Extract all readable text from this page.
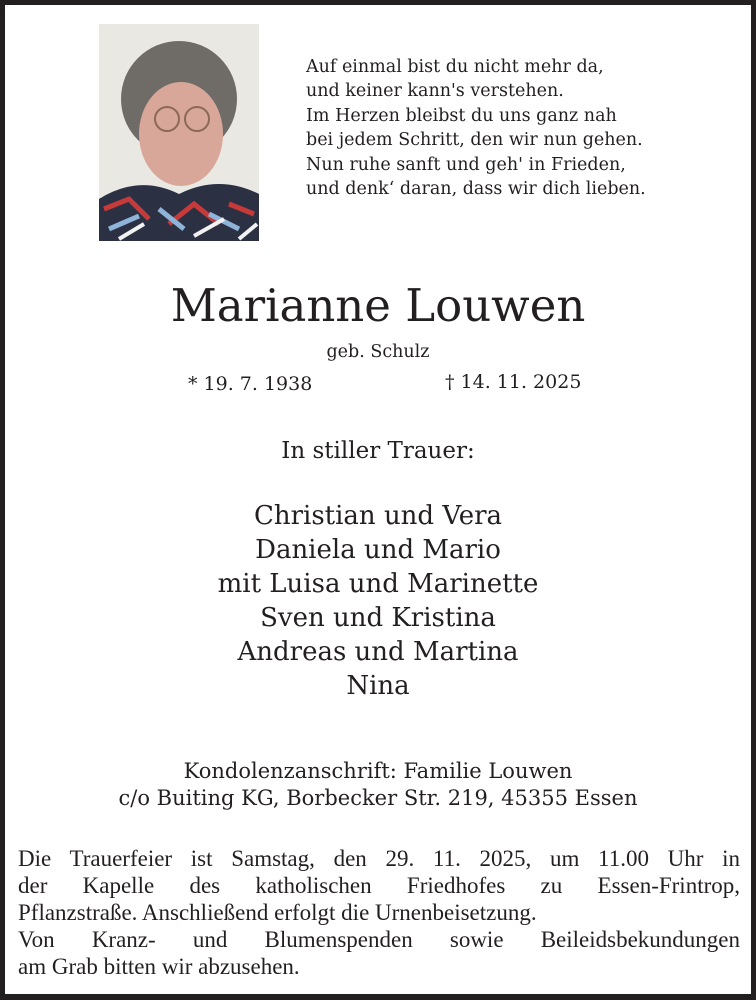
Auf einmal bist du nicht mehr da,
und keiner kann's verstehen.
Im Herzen bleibst du uns ganz nah
bei jedem Schritt, den wir nun gehen.
Nun ruhe sanft und geh' in Frieden,
und denk‘ daran, dass wir dich lieben.
Marianne Louwen
geb. Schulz
* 19. 7. 1938	† 14. 11. 2025
In stiller Trauer:
Christian und Vera
Daniela und Mario
mit Luisa und Marinette
Sven und Kristina
Andreas und Martina
Nina
Kondolenzanschrift: Familie Louwen
c/o Buiting KG, Borbecker Str. 219, 45355 Essen
Die Trauerfeier ist Samstag, den 29. 11. 2025, um 11.00 Uhr in
der Kapelle des katholischen Friedhofes zu Essen-Frintrop,
Pflanzstraße. Anschließend erfolgt die Urnenbeisetzung.
Von Kranz- und Blumenspenden sowie Beileidsbekundungen
am Grab bitten wir abzusehen.
